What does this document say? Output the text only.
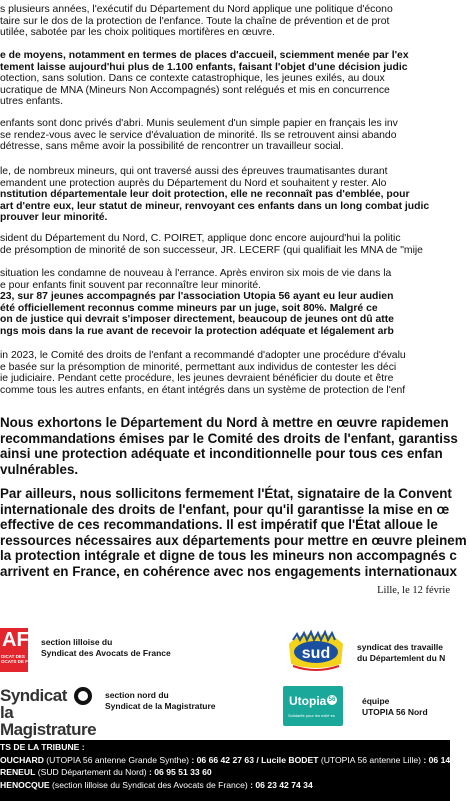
s plusieurs années, l'exécutif du Département du Nord applique une politique d'écono
taire sur le dos de la protection de l'enfance. Toute la chaîne de prévention et de prot
utilée, sabotée par les choix politiques mortifères en œuvre.
e de moyens, notamment en termes de places d'accueil, sciemment menée par l'ex
tement laisse aujourd'hui plus de 1.100 enfants, faisant l'objet d'une décision judic
otection, sans solution. Dans ce contexte catastrophique, les jeunes exilés, au doux
ucratique de MNA (Mineurs Non Accompagnés) sont relégués et mis en concurrence
utres enfants.
enfants sont donc privés d'abri. Munis seulement d'un simple papier en français les inv
se rendez-vous avec le service d'évaluation de minorité. Ils se retrouvent ainsi abando
détresse, sans même avoir la possibilité de rencontrer un travailleur social.
le, de nombreux mineurs, qui ont traversé aussi des épreuves traumatisantes durant
emandent une protection auprès du Département du Nord et souhaitent y rester. Alo
nstitution départementale leur doit protection, elle ne reconnaît pas d'emblée, pour
art d'entre eux, leur statut de mineur, renvoyant ces enfants dans un long combat judic
prouver leur minorité.
sident du Département du Nord, C. POIRET, applique donc encore aujourd'hui la politic
de présomption de minorité de son successeur, JR. LECERF (qui qualifiait les MNA de "mije
situation les condamne de nouveau à l'errance. Après environ six mois de vie dans la
e pour enfants finit souvent par reconnaître leur minorité.
23, sur 87 jeunes accompagnés par l'association Utopia 56 ayant eu leur audien
été officiellement reconnus comme mineurs par un juge, soit 80%. Malgré ce
on de justice qui devrait s'imposer directement, beaucoup de jeunes ont dû atte
ngs mois dans la rue avant de recevoir la protection adéquate et légalement arb
in 2023, le Comité des droits de l'enfant a recommandé d'adopter une procédure d'évalu
e basée sur la présomption de minorité, permettant aux individus de contester les déci
ie judiciaire. Pendant cette procédure, les jeunes devraient bénéficier du doute et être
comme tous les autres enfants, en étant intégrés dans un système de protection de l'enf
Nous exhortons le Département du Nord à mettre en œuvre rapidemen
recommandations émises par le Comité des droits de l'enfant, garantiss
ainsi une protection adéquate et inconditionnelle pour tous ces enfan
vulnérables.
Par ailleurs, nous sollicitons fermement l'État, signataire de la Convent
internationale des droits de l'enfant, pour qu'il garantisse la mise en œ
effective de ces recommandations. Il est impératif que l'État alloue le
ressources nécessaires aux départements pour mettre en œuvre pleinem
la protection intégrale et digne de tous les mineurs non accompagnés c
arrivent en France, en cohérence avec nos engagements internationaux
Lille, le 12 févrie
AF
DICAT DES
OCATS DE FRANCE
section lilloise du
Syndicat des Avocats de France	sud	syndicat des travaille
du Départemlent du N
Syndicat
la Magistrature
section nord du
Syndicat de la Magistrature	Utopia 56
Solidarité pour les exilé·es
équipe
UTOPIA 56 Nord
TS DE LA TRIBUNE :
OUCHARD (UTOPIA 56 antenne Grande Synthe) : 06 66 42 27 63 / Lucile BODET (UTOPIA 56 antenne Lille) : 06 14
RENEUL (SUD Département du Nord) : 06 95 51 33 60
HENOCQUE (section lilloise du Syndicat des Avocats de France) : 06 23 42 74 34
